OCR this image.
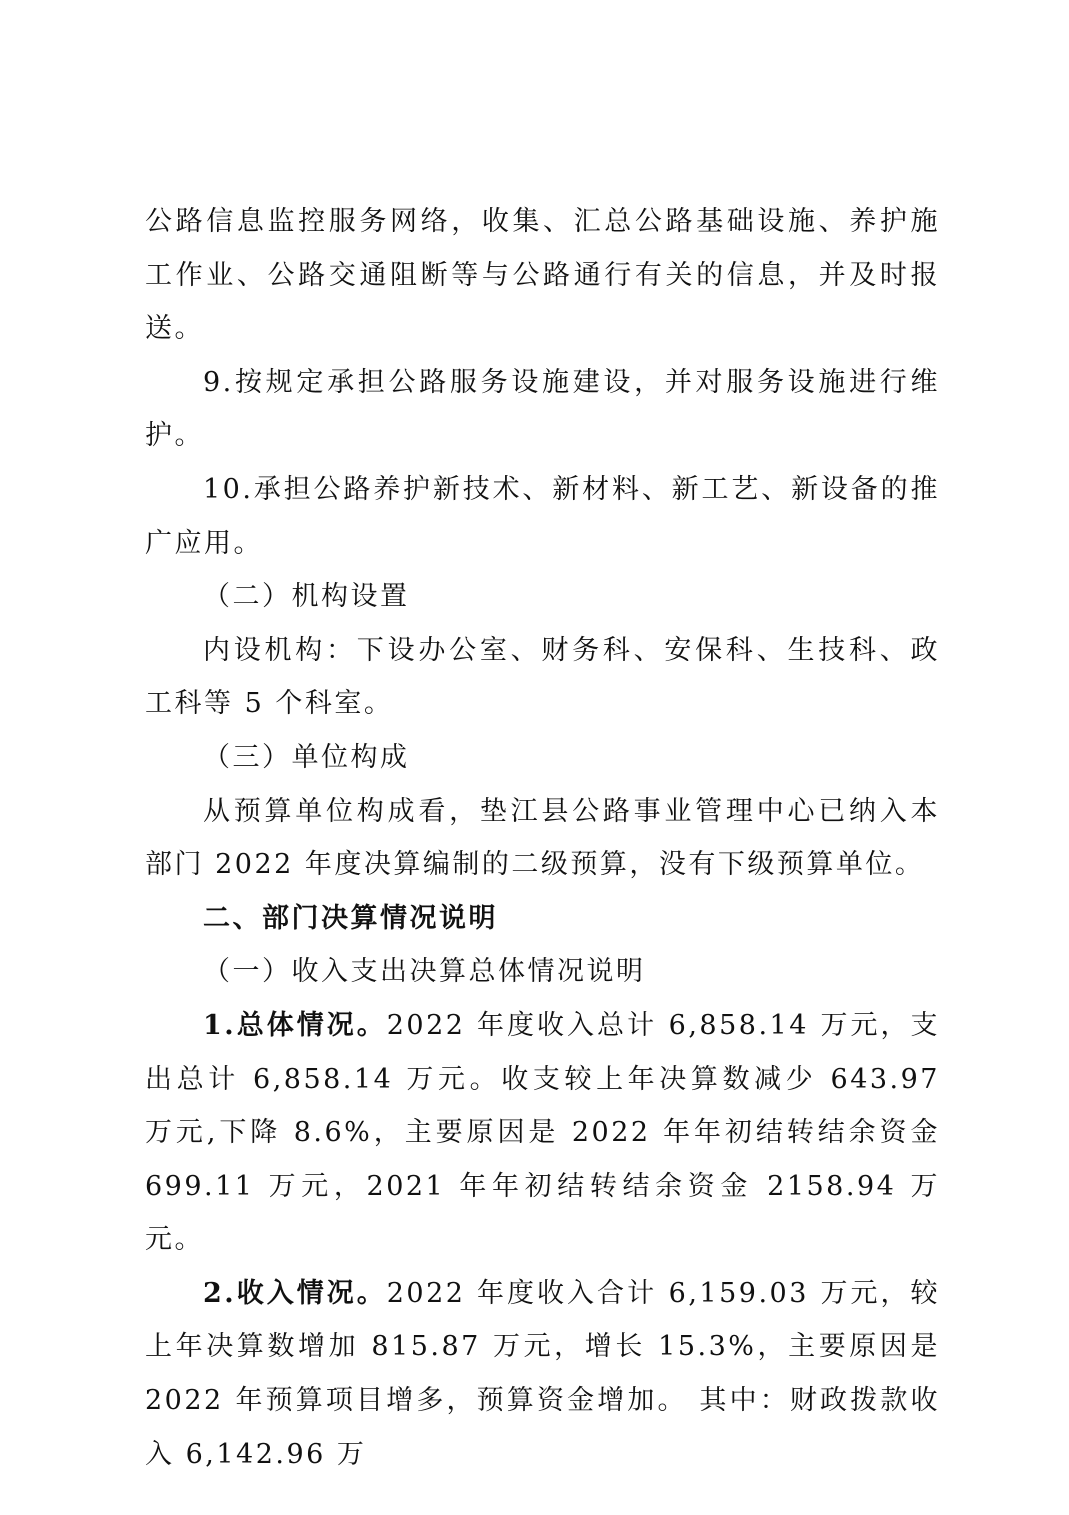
公路信息监控服务网络，收集、汇总公路基础设施、养护施工作业、公路交通阻断等与公路通行有关的信息，并及时报送。

9.按规定承担公路服务设施建设，并对服务设施进行维护。

10.承担公路养护新技术、新材料、新工艺、新设备的推广应用。

（二）机构设置

内设机构：下设办公室、财务科、安保科、生技科、政工科等 5 个科室。

（三）单位构成

从预算单位构成看，垫江县公路事业管理中心已纳入本部门 2022 年度决算编制的二级预算，没有下级预算单位。

二、部门决算情况说明

（一）收入支出决算总体情况说明

1.总体情况。2022 年度收入总计 6,858.14 万元，支出总计 6,858.14 万元。收支较上年决算数减少 643.97 万元,下降 8.6%，主要原因是 2022 年年初结转结余资金 699.11 万元，2021 年年初结转结余资金 2158.94 万元。

2.收入情况。2022 年度收入合计 6,159.03 万元，较上年决算数增加 815.87 万元，增长 15.3%，主要原因是 2022 年预算项目增多，预算资金增加。 其中：财政拨款收入 6,142.96 万
